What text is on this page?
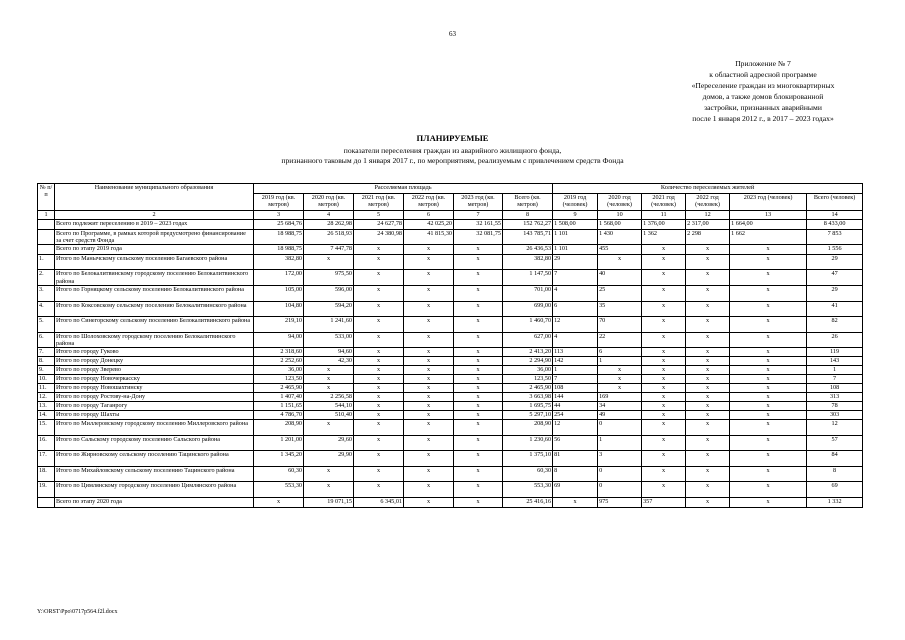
63
Приложение № 7
к областной адресной программе
«Переселение граждан из многоквартирных
домов, а также домов блокированной
застройки, признанных аварийными
после 1 января 2012 г., в 2017 – 2023 годах»
ПЛАНИРУЕМЫЕ
показатели переселения граждан из аварийного жилищного фонда,
признанного таковым до 1 января 2017 г., по мероприятиям, реализуемым с привлечением средств Фонда
№ п/п	Наименование муниципального образования	Расселяемая площадь						Количество переселяемых жителей					
		2019 год (кв. метров)	2020 год (кв. метров)	2021 год (кв. метров)	2022 год (кв. метров)	2023 год (кв. метров)	Всего (кв. метров)	2019 год (человек)	2020 год (человек)	2021 год (человек)	2022 год (человек)	2023 год (человек)	Всего (человек)
1	2	3	4	5	6	7	8	9	10	11	12	13	14
	Всего подлежит переселению в 2019 – 2023 годах	25 684,76	28 262,98	24 627,78	42 025,20	32 161,55	152 762,27	1 508,00	1 568,00	1 376,00	2 317,00	1 664,00	8 433,00
	Всего по Программе, в рамках которой предусмотрено финансирование за счет средств Фонда	18 988,75	26 518,93	24 380,98	41 815,30	32 081,75	143 785,71	1 101	1 430	1 362	2 298	1 662	7 853
	Всего по этапу 2019 года	18 988,75	7 447,78	x	x	x	26 436,53	1 101	455	x	x	x	1 556
1.	Итого по Манычскому сельскому поселению Багаевского района	382,80	x	x	x	x	382,80	29	x	x	x	x	29
2.	Итого по Белокалитвинскому городскому поселению Белокалитвинского района	172,00	975,50	x	x	x	1 147,50	7	40	x	x	x	47
3.	Итого по Горняцкому сельскому поселению Белокалитвинского района	105,00	596,00	x	x	x	701,00	4	25	x	x	x	29
4.	Итого по Коксовскому сельскому поселению Белокалитвинского района	104,80	594,20	x	x	x	699,00	6	35	x	x	x	41
5.	Итого по Синегорскому сельскому поселению Белокалитвинского района	219,10	1 241,60	x	x	x	1 460,70	12	70	x	x	x	82
6.	Итого по Шолоховскому городскому поселению Белокалитвинского района	94,00	533,00	x	x	x	627,00	4	22	x	x	x	26
7.	Итого по городу Гуково	2 318,60	94,60	x	x	x	2 413,20	113	6	x	x	x	119
8.	Итого по городу Донецку	2 252,60	42,30	x	x	x	2 294,90	142	1	x	x	x	143
9.	Итого по городу Зверево	36,00	x	x	x	x	36,00	1	x	x	x	x	1
10.	Итого по городу Новочеркасску	123,50	x	x	x	x	123,50	7	x	x	x	x	7
11.	Итого по городу Новошахтинску	2 465,90	x	x	x	x	2 465,90	108	x	x	x	x	108
12.	Итого по городу Ростову-на-Дону	1 407,40	2 256,58	x	x	x	3 663,98	144	169	x	x	x	313
13.	Итого по городу Таганрогу	1 151,65	544,10	x	x	x	1 695,75	44	34	x	x	x	78
14.	Итого по городу Шахты	4 786,70	510,40	x	x	x	5 297,10	254	49	x	x	x	303
15.	Итого по Миллеровскому городскому поселению Миллеровского района	208,90	x	x	x	x	208,90	12	0	x	x	x	12
16.	Итого по Сальскому городскому поселению Сальского района	1 201,00	29,60	x	x	x	1 230,60	56	1	x	x	x	57
17.	Итого по Жирновскому сельскому поселению Тацинского района	1 345,20	29,90	x	x	x	1 375,10	81	3	x	x	x	84
18.	Итого по Михайловскому сельскому поселению Тацинского района	60,30	x	x	x	x	60,30	8	0	x	x	x	8
19.	Итого по Цимлянскому городскому поселению Цимлянского района	553,30	x	x	x	x	553,30	69	0	x	x	x	69
	Всего по этапу 2020 года	x	19 071,15	6 345,01	x	x	25 416,16	x	975	357	x	x	1 332
Y:\ORST\Ppo\0717p564.f2l.docx
